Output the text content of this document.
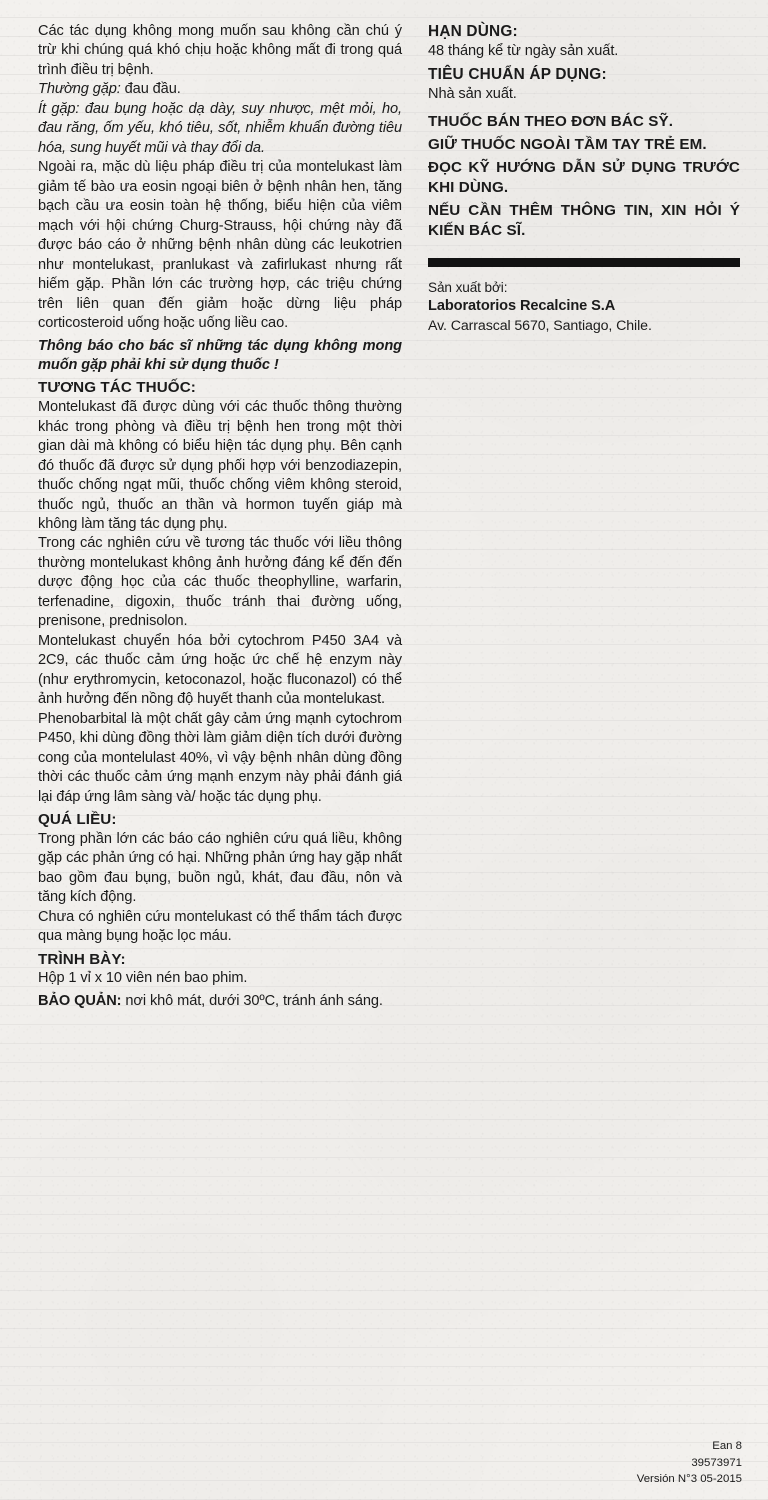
Các tác dụng không mong muốn sau không cần chú ý trừ khi chúng quá khó chịu hoặc không mất đi trong quá trình điều trị bệnh.

Thường gặp: đau đầu.

Ít gặp: đau bụng hoặc dạ dày, suy nhược, mệt mỏi, ho, đau răng, ốm yếu, khó tiêu, sốt, nhiễm khuẩn đường tiêu hóa, sung huyết mũi và thay đổi da.

Ngoài ra, mặc dù liệu pháp điều trị của montelukast làm giảm tế bào ưa eosin ngoại biên ở bệnh nhân hen, tăng bạch cầu ưa eosin toàn hệ thống, biểu hiện của viêm mạch với hội chứng Churg-Strauss, hội chứng này đã được báo cáo ở những bệnh nhân dùng các leukotrien như montelukast, pranlukast và zafirlukast nhưng rất hiếm gặp. Phần lớn các trường hợp, các triệu chứng trên liên quan đến giảm hoặc dừng liệu pháp corticosteroid uống hoặc uống liều cao.

Thông báo cho bác sĩ những tác dụng không mong muốn gặp phải khi sử dụng thuốc !

TƯƠNG TÁC THUỐC:

Montelukast đã được dùng với các thuốc thông thường khác trong phòng và điều trị bệnh hen trong một thời gian dài mà không có biểu hiện tác dụng phụ. Bên cạnh đó thuốc đã được sử dụng phối hợp với benzodiazepin, thuốc chống ngạt mũi, thuốc chống viêm không steroid, thuốc ngủ, thuốc an thần và hormon tuyến giáp mà không làm tăng tác dụng phụ.

Trong các nghiên cứu về tương tác thuốc với liều thông thường montelukast không ảnh hưởng đáng kể đến đến dược động học của các thuốc theophylline, warfarin, terfenadine, digoxin, thuốc tránh thai đường uống, prenisone, prednisolon.

Montelukast chuyển hóa bởi cytochrom P450 3A4 và 2C9, các thuốc cảm ứng hoặc ức chế hệ enzym này (như erythromycin, ketoconazol, hoặc fluconazol) có thể ảnh hưởng đến nồng độ huyết thanh của montelukast.

Phenobarbital là một chất gây cảm ứng mạnh cytochrom P450, khi dùng đồng thời làm giảm diện tích dưới đường cong của montelulast 40%, vì vậy bệnh nhân dùng đồng thời các thuốc cảm ứng mạnh enzym này phải đánh giá lại đáp ứng lâm sàng và/ hoặc tác dụng phụ.

QUÁ LIỀU:

Trong phần lớn các báo cáo nghiên cứu quá liều, không gặp các phản ứng có hại. Những phản ứng hay gặp nhất bao gồm đau bụng, buồn ngủ, khát, đau đầu, nôn và tăng kích động.

Chưa có nghiên cứu montelukast có thể thẩm tách được qua màng bụng hoặc lọc máu.

TRÌNH BÀY:

Hộp 1 vỉ x 10 viên nén bao phim.

BẢO QUẢN: nơi khô mát, dưới 30ºC, tránh ánh sáng.

HẠN DÙNG:

48 tháng kể từ ngày sản xuất.

TIÊU CHUẨN ÁP DỤNG:

Nhà sản xuất.

THUỐC BÁN THEO ĐƠN BÁC SỸ.

GIỮ THUỐC NGOÀI TẦM TAY TRẺ EM.

ĐỌC KỸ HƯỚNG DẪN SỬ DỤNG TRƯỚC KHI DÙNG.

NẾU CẦN THÊM THÔNG TIN, XIN HỎI Ý KIẾN BÁC SĨ.

Sản xuất bởi:

Laboratorios Recalcine S.A

Av. Carrascal 5670, Santiago, Chile.

Ean 8
39573971
Versión N°3 05-2015
